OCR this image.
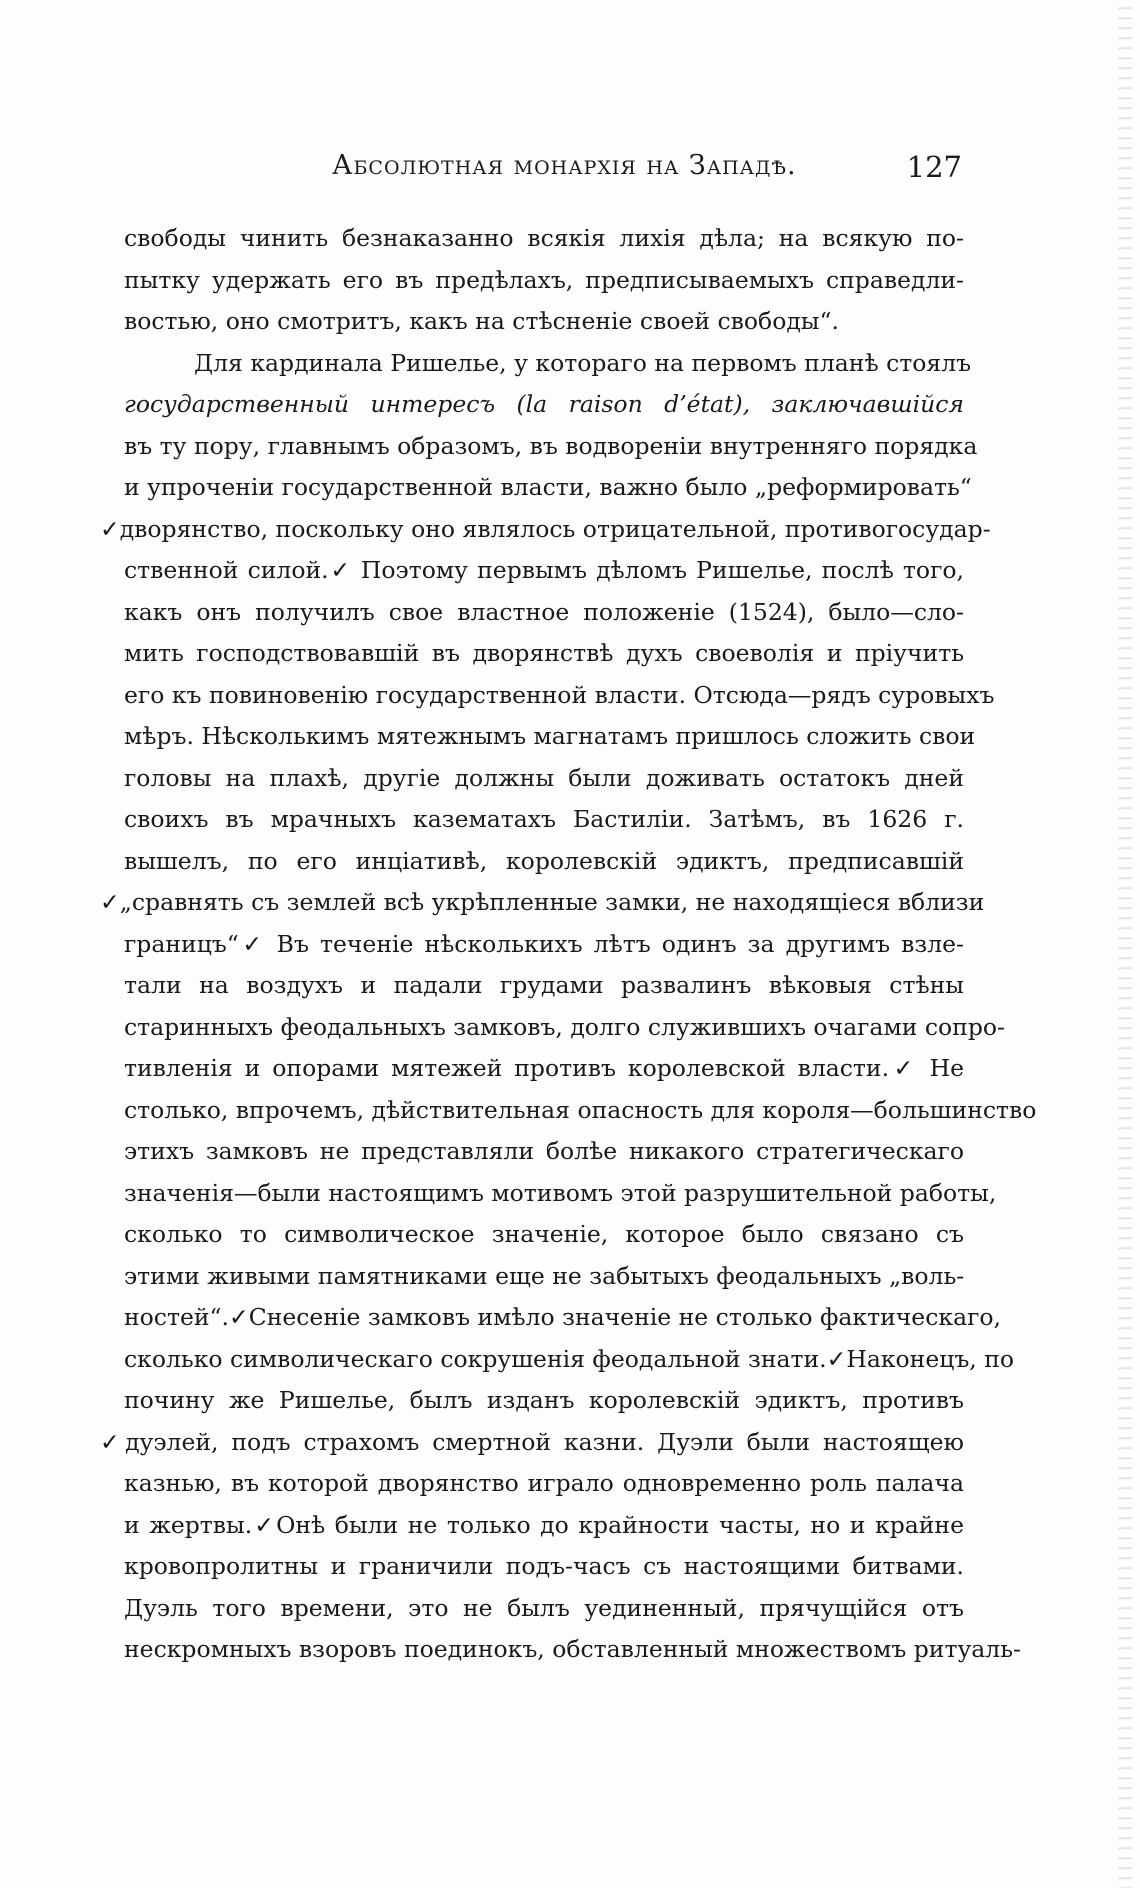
Абсолютная монархія на Западѣ.	127
свободы чинить безнаказанно всякія лихія дѣла; на всякую по-
пытку удержать его въ предѣлахъ, предписываемыхъ справедли-
востью, оно смотритъ, какъ на стѣсненіе своей свободы“.
Для кардинала Ришелье, у котораго на первомъ планѣ стоялъ
государственный интересъ (la raison d’état), заключавшійся
въ ту пору, главнымъ образомъ, въ водвореніи внутренняго порядка
и упроченіи государственной власти, важно было „реформировать“
✓дворянство, поскольку оно являлось отрицательной, противогосудар-
ственной силой.✓ Поэтому первымъ дѣломъ Ришелье, послѣ того,
какъ онъ получилъ свое властное положеніе (1524), было—сло-
мить господствовавшій въ дворянствѣ духъ своеволія и пріучить
его къ повиновенію государственной власти. Отсюда—рядъ суровыхъ
мѣръ. Нѣсколькимъ мятежнымъ магнатамъ пришлось сложить свои
головы на плахѣ, другіе должны были доживать остатокъ дней
своихъ въ мрачныхъ казематахъ Бастиліи. Затѣмъ, въ 1626 г.
вышелъ, по его инціативѣ, королевскій эдиктъ, предписавшій
✓„сравнять съ землей всѣ укрѣпленные замки, не находящіеся вблизи
границъ“✓ Въ теченіе нѣсколькихъ лѣтъ одинъ за другимъ взле-
тали на воздухъ и падали грудами развалинъ вѣковыя стѣны
старинныхъ феодальныхъ замковъ, долго служившихъ очагами сопро-
тивленія и опорами мятежей противъ королевской власти.✓ Не
столько, впрочемъ, дѣйствительная опасность для короля—большинство
этихъ замковъ не представляли болѣе никакого стратегическаго
значенія—были настоящимъ мотивомъ этой разрушительной работы,
сколько то символическое значеніе, которое было связано съ
этими живыми памятниками еще не забытыхъ феодальныхъ „воль-
ностей“.✓Снесеніе замковъ имѣло значеніе не столько фактическаго,
сколько символическаго сокрушенія феодальной знати.✓Наконецъ, по
почину же Ришелье, былъ изданъ королевскій эдиктъ, противъ
✓дуэлей, подъ страхомъ смертной казни. Дуэли были настоящею
казнью, въ которой дворянство играло одновременно роль палача
и жертвы.✓Онѣ были не только до крайности часты, но и крайне
кровопролитны и граничили подъ-часъ съ настоящими битвами.
Дуэль того времени, это не былъ уединенный, прячущійся отъ
нескромныхъ взоровъ поединокъ, обставленный множествомъ ритуаль-
